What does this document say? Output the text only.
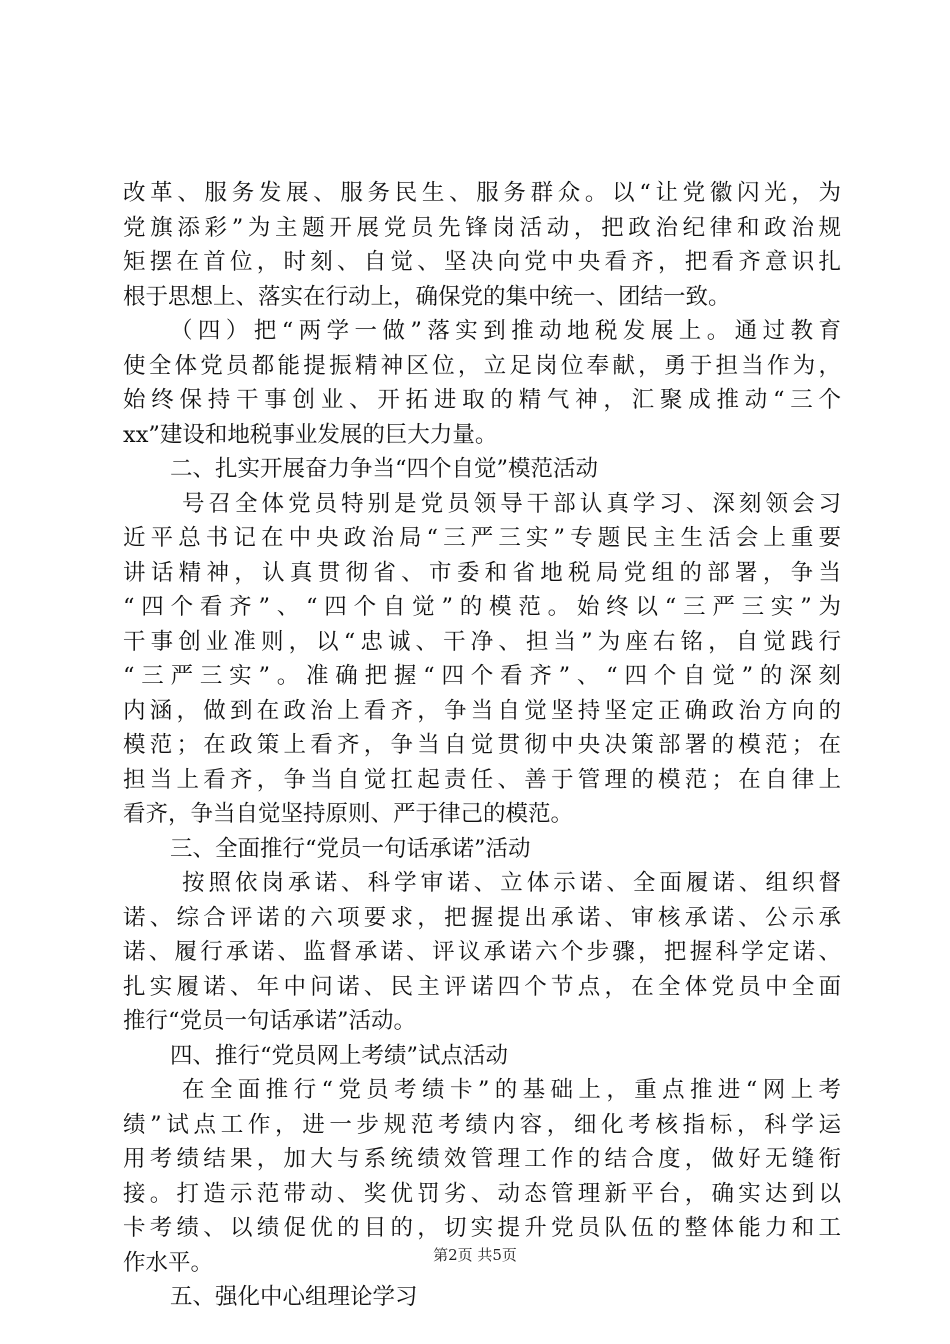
改革、服务发展、服务民生、服务群众。以“让党徽闪光，为
党旗添彩”为主题开展党员先锋岗活动，把政治纪律和政治规
矩摆在首位，时刻、自觉、坚决向党中央看齐，把看齐意识扎
根于思想上、落实在行动上，确保党的集中统一、团结一致。
（四）把“两学一做”落实到推动地税发展上。通过教育
使全体党员都能提振精神区位，立足岗位奉献，勇于担当作为，
始终保持干事创业、开拓进取的精气神，汇聚成推动“三个
xx”建设和地税事业发展的巨大力量。
二、扎实开展奋力争当“四个自觉”模范活动
号召全体党员特别是党员领导干部认真学习、深刻领会习
近平总书记在中央政治局“三严三实”专题民主生活会上重要
讲话精神，认真贯彻省、市委和省地税局党组的部署，争当
“四个看齐”、“四个自觉”的模范。始终以“三严三实”为
干事创业准则，以“忠诚、干净、担当”为座右铭，自觉践行
“三严三实”。准确把握“四个看齐”、“四个自觉”的深刻
内涵，做到在政治上看齐，争当自觉坚持坚定正确政治方向的
模范；在政策上看齐，争当自觉贯彻中央决策部署的模范；在
担当上看齐，争当自觉扛起责任、善于管理的模范；在自律上
看齐，争当自觉坚持原则、严于律己的模范。
三、全面推行“党员一句话承诺”活动
按照依岗承诺、科学审诺、立体示诺、全面履诺、组织督
诺、综合评诺的六项要求，把握提出承诺、审核承诺、公示承
诺、履行承诺、监督承诺、评议承诺六个步骤，把握科学定诺、
扎实履诺、年中问诺、民主评诺四个节点，在全体党员中全面
推行“党员一句话承诺”活动。
四、推行“党员网上考绩”试点活动
在全面推行“党员考绩卡”的基础上，重点推进“网上考
绩”试点工作，进一步规范考绩内容，细化考核指标，科学运
用考绩结果，加大与系统绩效管理工作的结合度，做好无缝衔
接。打造示范带动、奖优罚劣、动态管理新平台，确实达到以
卡考绩、以绩促优的目的，切实提升党员队伍的整体能力和工
作水平。
五、强化中心组理论学习
第2页 共5页
